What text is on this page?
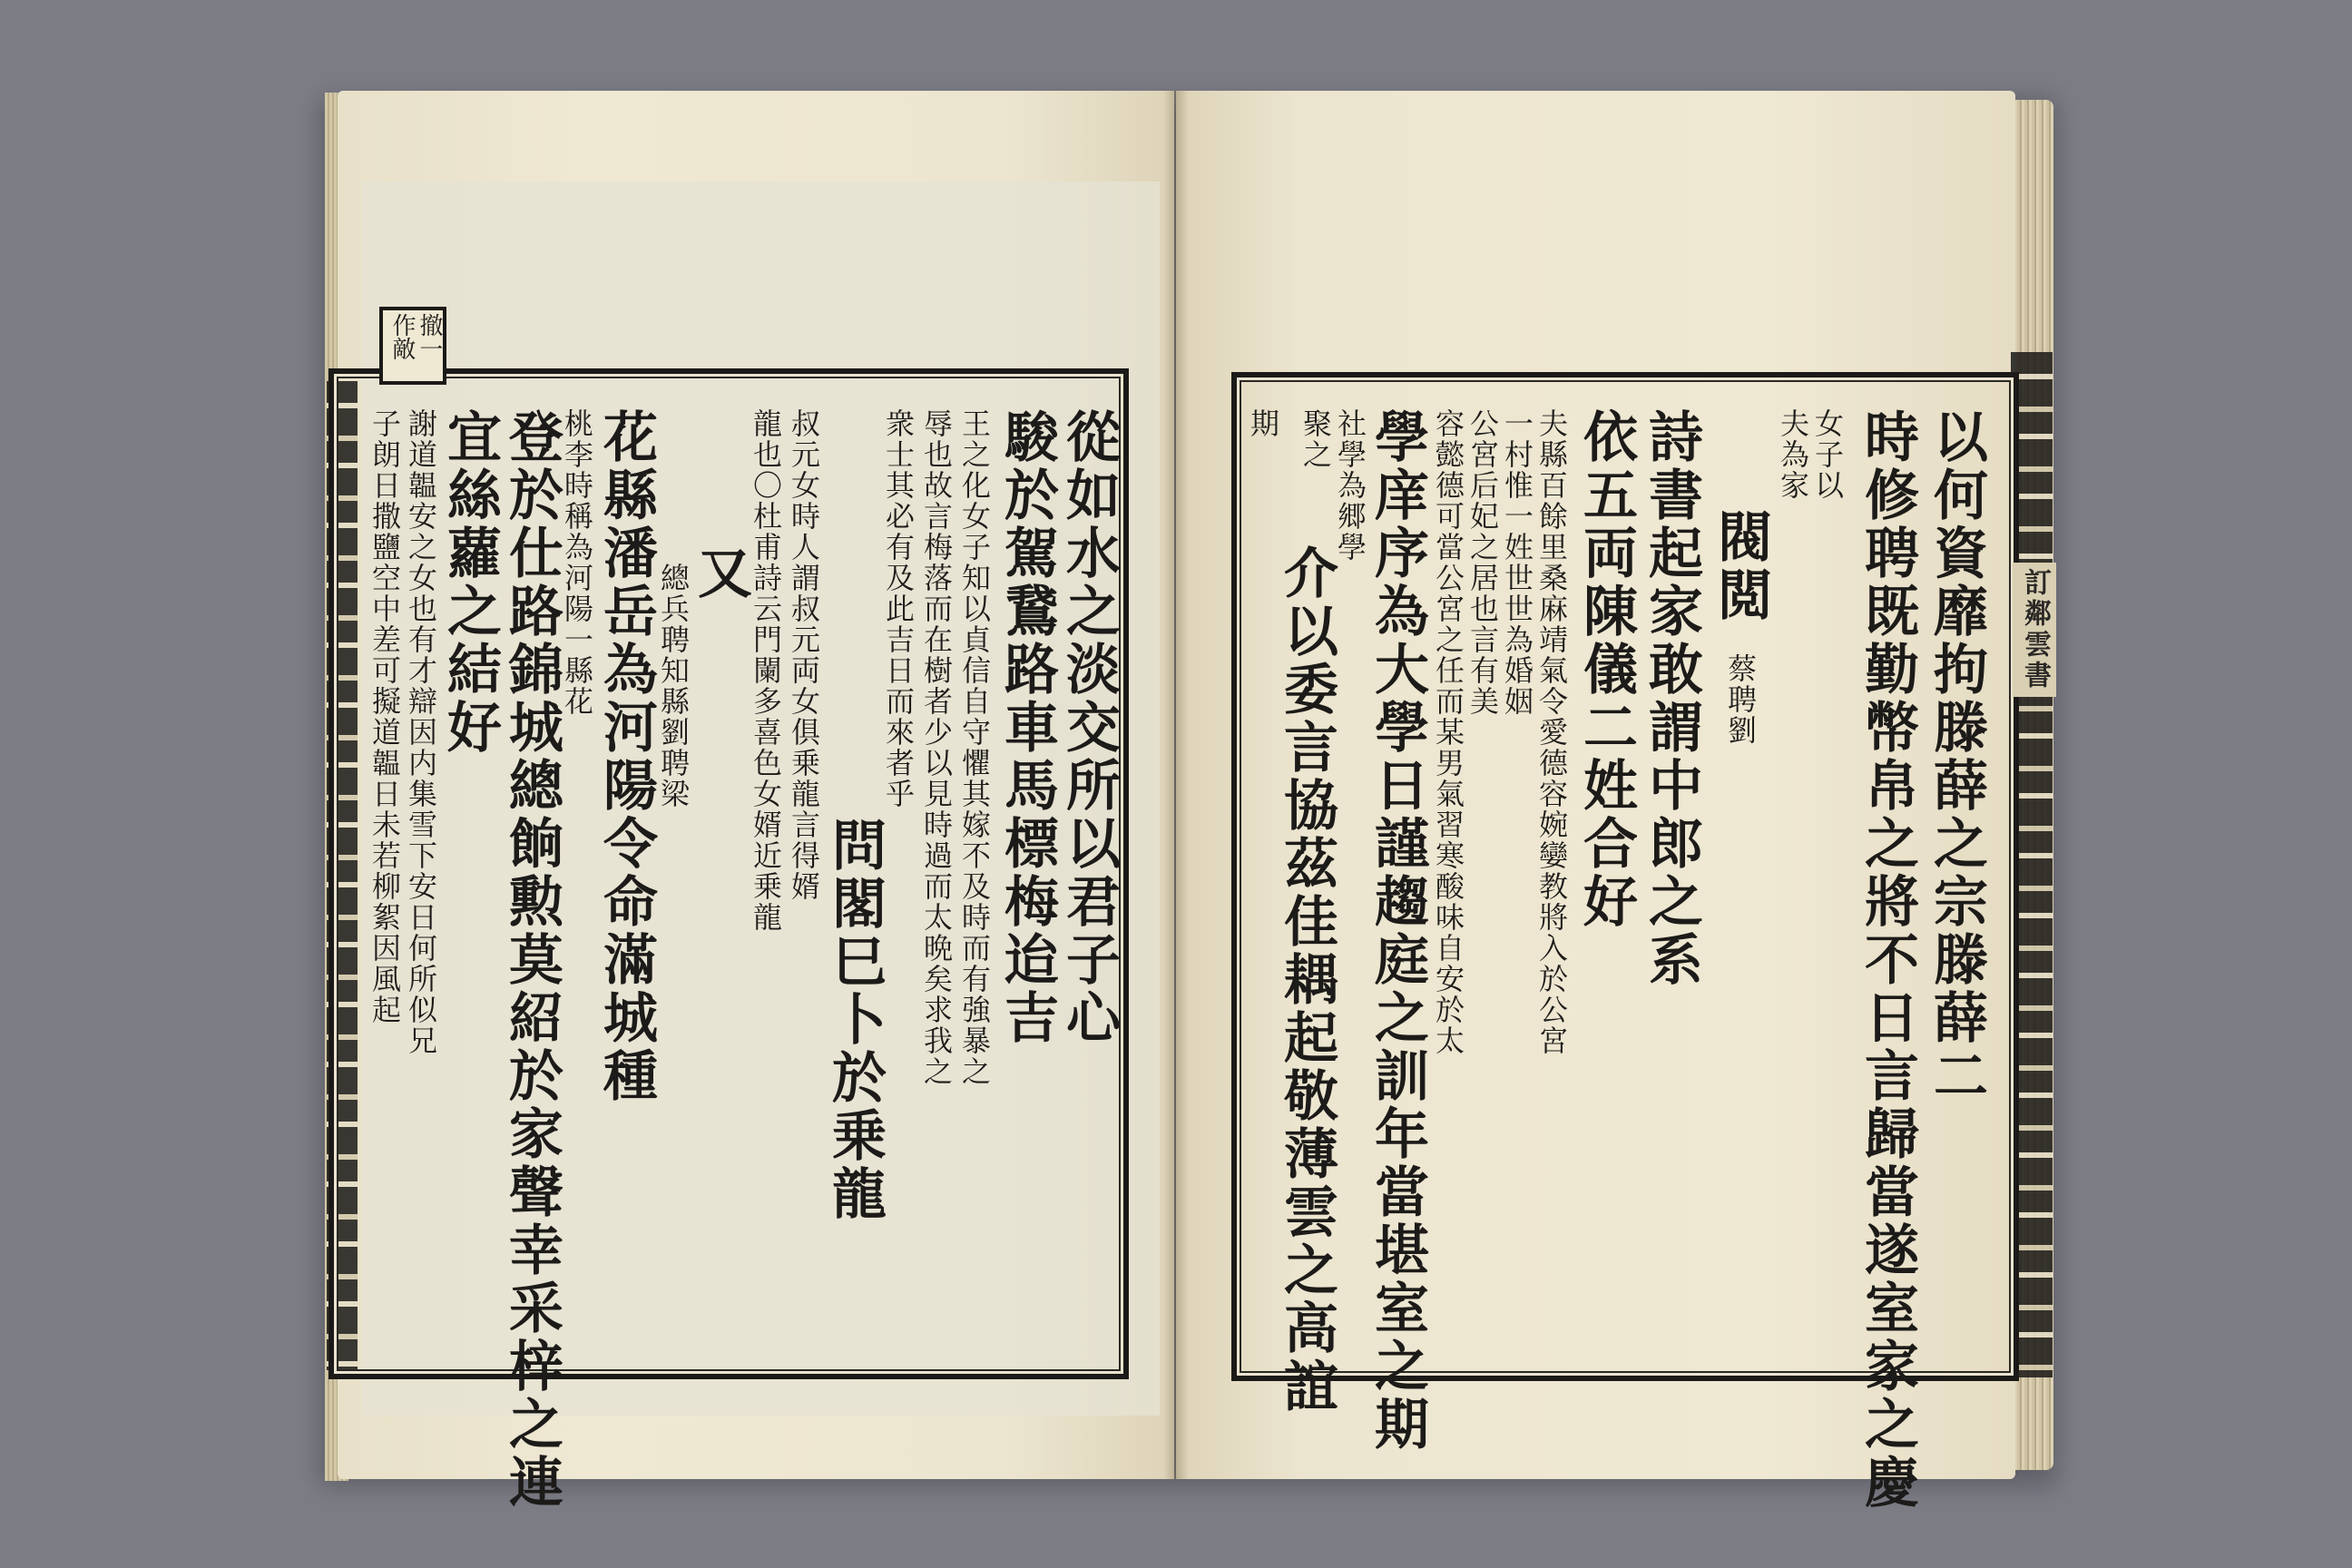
撤一
作敵
訂鄰雲書
從如水之淡交所以君子心
駿於駕鵞路車馬標梅迨吉
王之化女子知以貞信自守懼其嫁不及時而有強暴之
辱也故言梅落而在樹者少以見時過而太晩矣求我之
衆士其必有及此吉日而來者乎
問閣巳卜於乗龍
叔元女時人謂叔元両女俱乗龍言得婿
龍也〇杜甫詩云門闌多喜色女婿近乗龍
又
總兵聘知縣劉聘梁
花縣潘岳為河陽令命滿城種
桃李時稱為河陽一縣花
登於仕路錦城總餉勲莫紹於家聲幸采梓之連
宜絲蘿之結好
謝道韞安之女也有才辯因内集雪下安日何所似兄
子朗日撒鹽空中差可擬道韞日未若柳絮因風起	以何資靡拘滕薛之宗滕薛二
時修聘既勤幣帛之將不日言歸當遂室家之慶
女子以
夫為家
閥閲
蔡聘劉
詩書起家敢謂中郎之系
依五両陳儀二姓合好
夫縣百餘里桑麻靖氣令愛德容婉孌教將入於公宮
一村惟一姓世世為婚姻
公宮后妃之居也言有美
容懿德可當公宮之任而某男氣習寒酸味自安於太
學庠序為大學日謹趨庭之訓年當堪室之期
社學為郷學
聚之
介以委言協茲佳耦起敬薄雲之高誼
期
